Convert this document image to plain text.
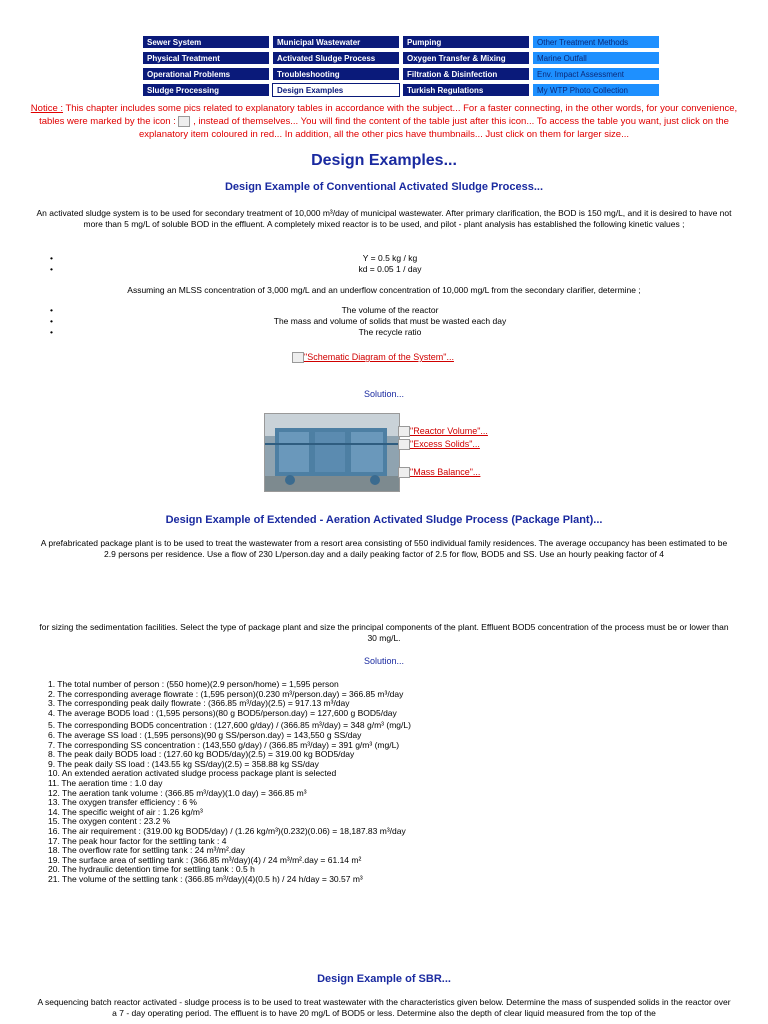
Sewer System	Municipal Wastewater	Pumping	Other Treatment Methods
Physical Treatment	Activated Sludge Process	Oxygen Transfer & Mixing	Marine Outfall
Operational Problems	Troubleshooting	Filtration & Disinfection	Env. Impact Assessment
Sludge Processing	Design Examples	Turkish Regulations	My WTP Photo Collection
Notice : This chapter includes some pics related to explanatory tables in accordance with the subject... For a faster connecting, in the other words, for your convenience, tables were marked by the icon :  , instead of themselves... You will find the content of the table just after this icon... To access the table you want, just click on the explanatory item coloured in red... In addition, all the other pics have thumbnails... Just click on them for larger size...
Design Examples...
Design Example of Conventional Activated Sludge Process...
An activated sludge system is to be used for secondary treatment of 10,000 m³/day of municipal wastewater. After primary clarification, the BOD is 150 mg/L, and it is desired to have not more than 5 mg/L of soluble BOD in the effluent. A completely mixed reactor is to be used, and pilot - plant analysis has established the following kinetic values ;
• Y = 0.5 kg / kg
• kd = 0.05 1 / day
Assuming an MLSS concentration of 3,000 mg/L and an underflow concentration of 10,000 mg/L from the secondary clarifier, determine ;
• The volume of the reactor
• The mass and volume of solids that must be wasted each day
• The recycle ratio
"Schematic Diagram of the System"...
Solution...
"Reactor Volume"...
"Excess Solids"...
"Mass Balance"...
Design Example of Extended - Aeration Activated Sludge Process (Package Plant)...
A prefabricated package plant is to be used to treat the wastewater from a resort area consisting of 550 individual family residences. The average occupancy has been estimated to be 2.9 persons per residence. Use a flow of 230 L/person.day and a daily peaking factor of 2.5 for flow, BOD5 and SS. Use an hourly peaking factor of 4
for sizing the sedimentation facilities. Select the type of package plant and size the principal components of the plant. Effluent BOD5 concentration of the process must be or lower than 30 mg/L.
Solution...
1. The total number of person : (550 home)(2.9 person/home) = 1,595 person
2. The corresponding average flowrate : (1,595 person)(0.230 m³/person.day) = 366.85 m³/day
3. The corresponding peak daily flowrate : (366.85 m³/day)(2.5) = 917.13 m³/day
4. The average BOD5 load : (1,595 persons)(80 g BOD5/person.day) = 127,600 g BOD5/day
5. The corresponding BOD5 concentration : (127,600 g/day) / (366.85 m³/day) = 348 g/m³ (mg/L)
6. The average SS load : (1,595 persons)(90 g SS/person.day) = 143,550 g SS/day
7. The corresponding SS concentration : (143,550 g/day) / (366.85 m³/day) = 391 g/m³ (mg/L)
8. The peak daily BOD5 load : (127.60 kg BOD5/day)(2.5) = 319.00 kg BOD5/day
9. The peak daily SS load : (143.55 kg SS/day)(2.5) = 358.88 kg SS/day
10. An extended aeration activated sludge process package plant is selected
11. The aeration time : 1.0 day
12. The aeration tank volume : (366.85 m³/day)(1.0 day) = 366.85 m³
13. The oxygen transfer efficiency : 6 %
14. The specific weight of air : 1.26 kg/m³
15. The oxygen content : 23.2 %
16. The air requirement : (319.00 kg BOD5/day) / (1.26 kg/m³)(0.232)(0.06) = 18,187.83 m³/day
17. The peak hour factor for the settling tank : 4
18. The overflow rate for settling tank : 24 m³/m².day
19. The surface area of settling tank : (366.85 m³/day)(4) / 24 m³/m².day = 61.14 m²
20. The hydraulic detention time for settling tank : 0.5 h
21. The volume of the settling tank : (366.85 m³/day)(4)(0.5 h) / 24 h/day = 30.57 m³
Design Example of SBR...
A sequencing batch reactor activated - sludge process is to be used to treat wastewater with the characteristics given below. Determine the mass of suspended solids in the reactor over a 7 - day operating period. The effluent is to have 20 mg/L of BOD5 or less. Determine also the depth of clear liquid measured from the top of the
